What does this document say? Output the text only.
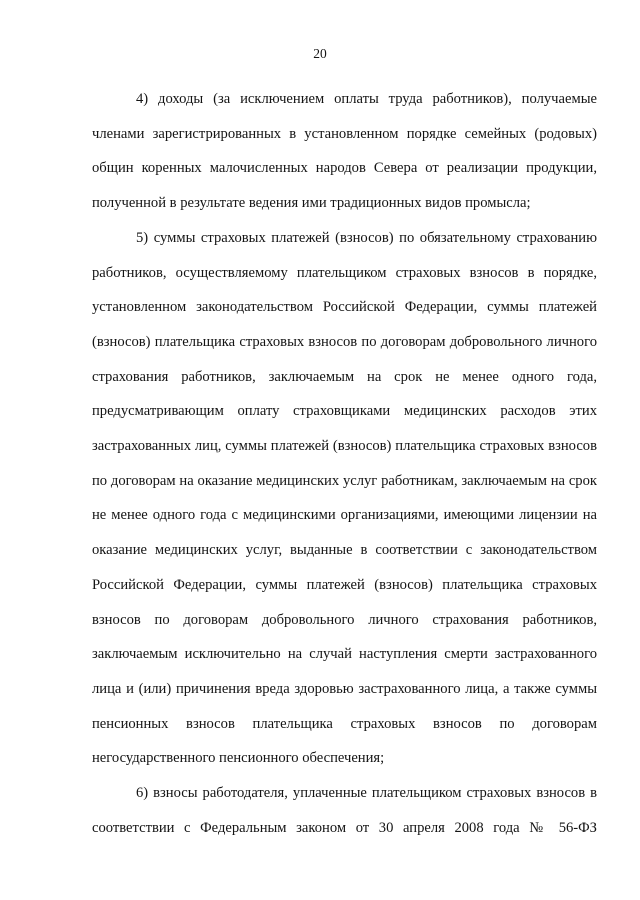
20

4) доходы (за исключением оплаты труда работников), получаемые членами зарегистрированных в установленном порядке семейных (родовых) общин коренных малочисленных народов Севера от реализации продукции, полученной в результате ведения ими традиционных видов промысла;

5) суммы страховых платежей (взносов) по обязательному страхованию работников, осуществляемому плательщиком страховых взносов в порядке, установленном законодательством Российской Федерации, суммы платежей (взносов) плательщика страховых взносов по договорам добровольного личного страхования работников, заключаемым на срок не менее одного года, предусматривающим оплату страховщиками медицинских расходов этих застрахованных лиц, суммы платежей (взносов) плательщика страховых взносов по договорам на оказание медицинских услуг работникам, заключаемым на срок не менее одного года с медицинскими организациями, имеющими лицензии на оказание медицинских услуг, выданные в соответствии с законодательством Российской Федерации, суммы платежей (взносов) плательщика страховых взносов по договорам добровольного личного страхования работников, заключаемым исключительно на случай наступления смерти застрахованного лица и (или) причинения вреда здоровью застрахованного лица, а также суммы пенсионных взносов плательщика страховых взносов по договорам негосударственного пенсионного обеспечения;

6) взносы работодателя, уплаченные плательщиком страховых взносов в соответствии с Федеральным законом от 30 апреля 2008 года № 56-ФЗ
